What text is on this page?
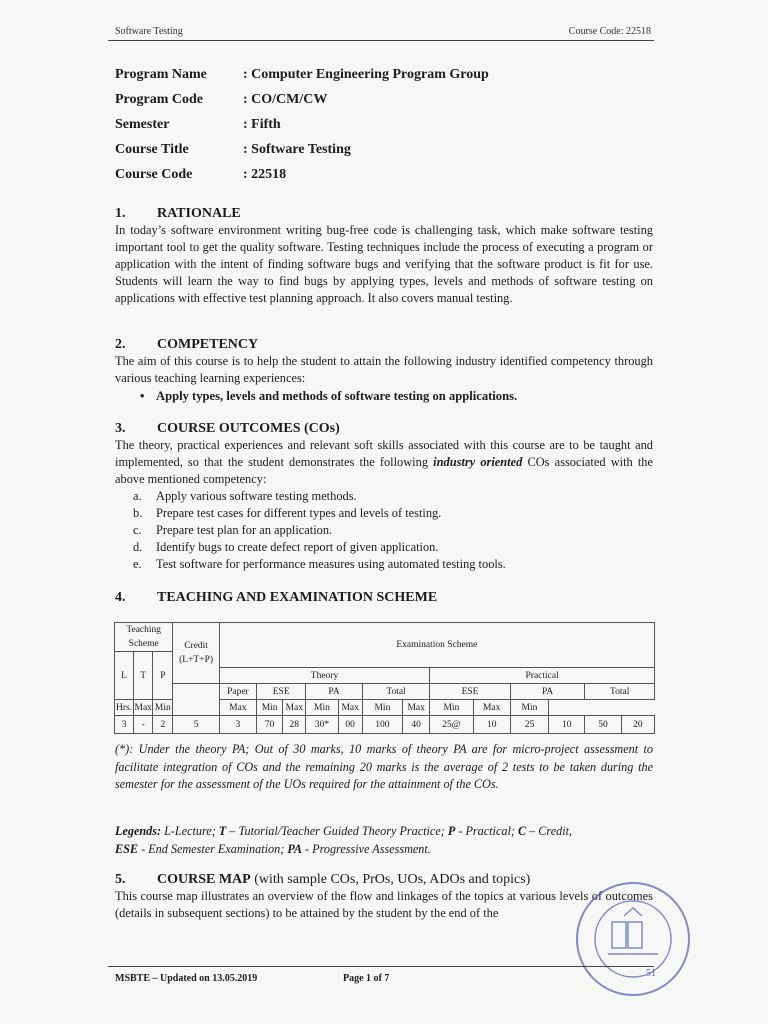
Software Testing	Course Code: 22518
Program Name	: Computer Engineering Program Group
Program Code	: CO/CM/CW
Semester	: Fifth
Course Title	: Software Testing
Course Code	: 22518
1. RATIONALE
In today’s software environment writing bug-free code is challenging task, which make software testing important tool to get the quality software. Testing techniques include the process of executing a program or application with the intent of finding software bugs and verifying that the software product is fit for use. Students will learn the way to find bugs by applying types, levels and methods of software testing on applications with effective test planning approach. It also covers manual testing.
2. COMPETENCY
The aim of this course is to help the student to attain the following industry identified competency through various teaching learning experiences:
• Apply types, levels and methods of software testing on applications.
3. COURSE OUTCOMES (COs)
The theory, practical experiences and relevant soft skills associated with this course are to be taught and implemented, so that the student demonstrates the following industry oriented COs associated with the above mentioned competency:
a.	Apply various software testing methods.
b.	Prepare test cases for different types and levels of testing.
c.	Prepare test plan for an application.
d.	Identify bugs to create defect report of given application.
e.	Test software for performance measures using automated testing tools.
4. TEACHING AND EXAMINATION SCHEME
Teaching Scheme			Credit (L+T+P)	Examination Scheme												
L	T	P														
				Theory							Practical					
				Paper	ESE		PA		Total		ESE		PA		Total	
Hrs.	Max	Min		Max	Min	Max	Min	Max	Min	Max	Min	Max	Min			
3	-	2	5	3	70	28	30*	00	100	40	25@	10	25	10	50	20
(*): Under the theory PA; Out of 30 marks, 10 marks of theory PA are for micro-project assessment to facilitate integration of COs and the remaining 20 marks is the average of 2 tests to be taken during the semester for the assessment of the UOs required for the attainment of the COs.
Legends: L-Lecture; T – Tutorial/Teacher Guided Theory Practice; P - Practical; C – Credit,
ESE - End Semester Examination; PA - Progressive Assessment.
5. COURSE MAP (with sample COs, PrOs, UOs, ADOs and topics)
This course map illustrates an overview of the flow and linkages of the topics at various levels of outcomes (details in subsequent sections) to be attained by the student by the end of the
51
MSBTE – Updated on 13.05.2019	Page 1 of 7
